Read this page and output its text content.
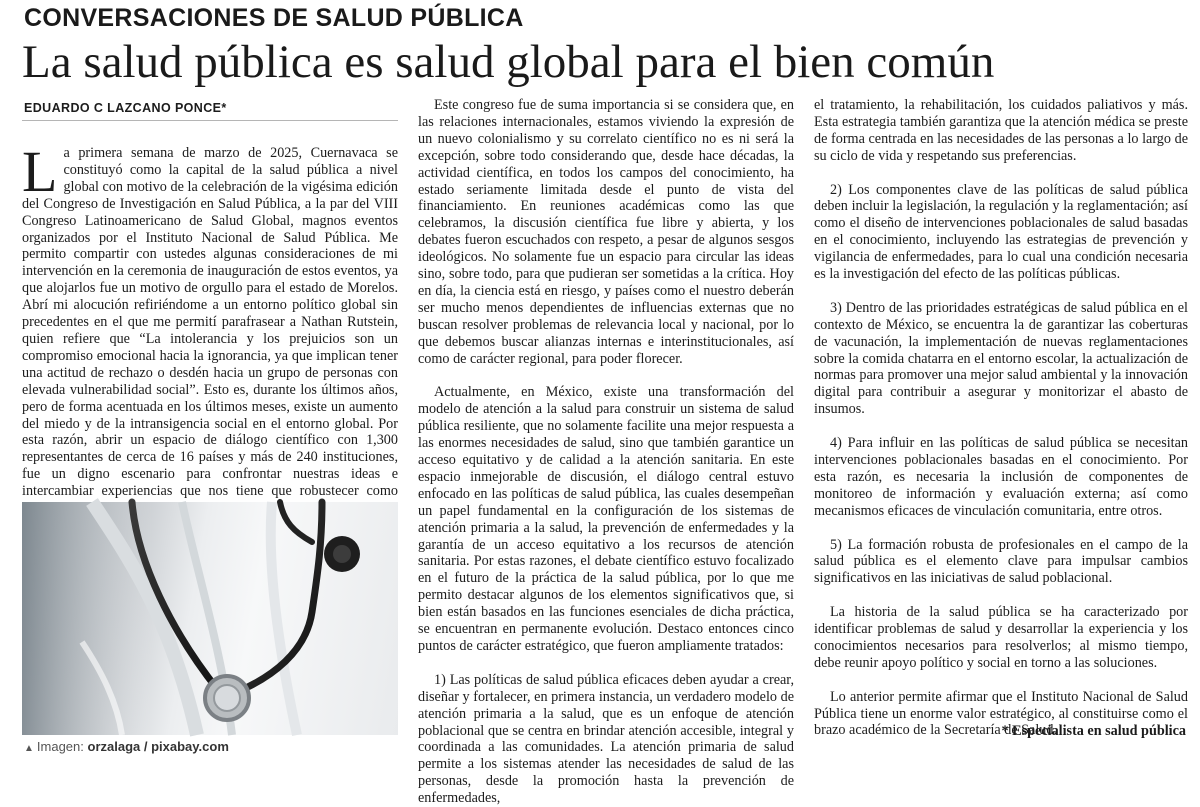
CONVERSACIONES DE SALUD PÚBLICA
La salud pública es salud global para el bien común
EDUARDO C LAZCANO PONCE*

La primera semana de marzo de 2025, Cuernavaca se constituyó como la capital de la salud pública a nivel global con motivo de la celebración de la vigésima edición del Congreso de Investigación en Salud Pública, a la par del VIII Congreso Latinoamericano de Salud Global, magnos eventos organizados por el Instituto Nacional de Salud Pública. Me permito compartir con ustedes algunas consideraciones de mi intervención en la ceremonia de inauguración de estos eventos, ya que alojarlos fue un motivo de orgullo para el estado de Morelos. Abrí mi alocución refiriéndome a un entorno político global sin precedentes en el que me permití parafrasear a Nathan Rutstein, quien refiere que “La intolerancia y los prejuicios son un compromiso emocional hacia la ignorancia, ya que implican tener una actitud de rechazo o desdén hacia un grupo de personas con elevada vulnerabilidad social”. Esto es, durante los últimos años, pero de forma acentuada en los últimos meses, existe un aumento del miedo y de la intransigencia social en el entorno global. Por esta razón, abrir un espacio de diálogo científico con 1,300 representantes de cerca de 16 países y más de 240 instituciones, fue un digno escenario para confrontar nuestras ideas e intercambiar experiencias que nos tiene que robustecer como

▲ Imagen: orzalaga / pixabay.com

Este congreso fue de suma importancia si se considera que, en las relaciones internacionales, estamos viviendo la expresión de un nuevo colonialismo y su correlato científico no es ni será la excepción, sobre todo considerando que, desde hace décadas, la actividad científica, en todos los campos del conocimiento, ha estado seriamente limitada desde el punto de vista del financiamiento. En reuniones académicas como las que celebramos, la discusión científica fue libre y abierta, y los debates fueron escuchados con respeto, a pesar de algunos sesgos ideológicos. No solamente fue un espacio para circular las ideas sino, sobre todo, para que pudieran ser sometidas a la crítica. Hoy en día, la ciencia está en riesgo, y países como el nuestro deberán ser mucho menos dependientes de influencias externas que no buscan resolver problemas de relevancia local y nacional, por lo que debemos buscar alianzas internas e interinstitucionales, así como de carácter regional, para poder florecer.

Actualmente, en México, existe una transformación del modelo de atención a la salud para construir un sistema de salud pública resiliente, que no solamente facilite una mejor respuesta a las enormes necesidades de salud, sino que también garantice un acceso equitativo y de calidad a la atención sanitaria. En este espacio inmejorable de discusión, el diálogo central estuvo enfocado en las políticas de salud pública, las cuales desempeñan un papel fundamental en la configuración de los sistemas de atención primaria a la salud, la prevención de enfermedades y la garantía de un acceso equitativo a los recursos de atención sanitaria. Por estas razones, el debate científico estuvo focalizado en el futuro de la práctica de la salud pública, por lo que me permito destacar algunos de los elementos significativos que, si bien están basados en las funciones esenciales de dicha práctica, se encuentran en permanente evolución. Destaco entonces cinco puntos de carácter estratégico, que fueron ampliamente tratados:

1) Las políticas de salud pública eficaces deben ayudar a crear, diseñar y fortalecer, en primera instancia, un verdadero modelo de atención primaria a la salud, que es un enfoque de atención poblacional que se centra en brindar atención accesible, integral y coordinada a las comunidades. La atención primaria de salud permite a los sistemas atender las necesidades de salud de las personas, desde la promoción hasta la prevención de enfermedades,

el tratamiento, la rehabilitación, los cuidados paliativos y más. Esta estrategia también garantiza que la atención médica se preste de forma centrada en las necesidades de las personas a lo largo de su ciclo de vida y respetando sus preferencias.

2) Los componentes clave de las políticas de salud pública deben incluir la legislación, la regulación y la reglamentación; así como el diseño de intervenciones poblacionales de salud basadas en el conocimiento, incluyendo las estrategias de prevención y vigilancia de enfermedades, para lo cual una condición necesaria es la investigación del efecto de las políticas públicas.

3) Dentro de las prioridades estratégicas de salud pública en el contexto de México, se encuentra la de garantizar las coberturas de vacunación, la implementación de nuevas reglamentaciones sobre la comida chatarra en el entorno escolar, la actualización de normas para promover una mejor salud ambiental y la innovación digital para contribuir a asegurar y monitorizar el abasto de insumos.

4) Para influir en las políticas de salud pública se necesitan intervenciones poblacionales basadas en el conocimiento. Por esta razón, es necesaria la inclusión de componentes de monitoreo de información y evaluación externa; así como mecanismos eficaces de vinculación comunitaria, entre otros.

5) La formación robusta de profesionales en el campo de la salud pública es el elemento clave para impulsar cambios significativos en las iniciativas de salud poblacional.

La historia de la salud pública se ha caracterizado por identificar problemas de salud y desarrollar la experiencia y los conocimientos necesarios para resolverlos; al mismo tiempo, debe reunir apoyo político y social en torno a las soluciones.

Lo anterior permite afirmar que el Instituto Nacional de Salud Pública tiene un enorme valor estratégico, al constituirse como el brazo académico de la Secretaría de Salud.

* Especialista en salud pública
